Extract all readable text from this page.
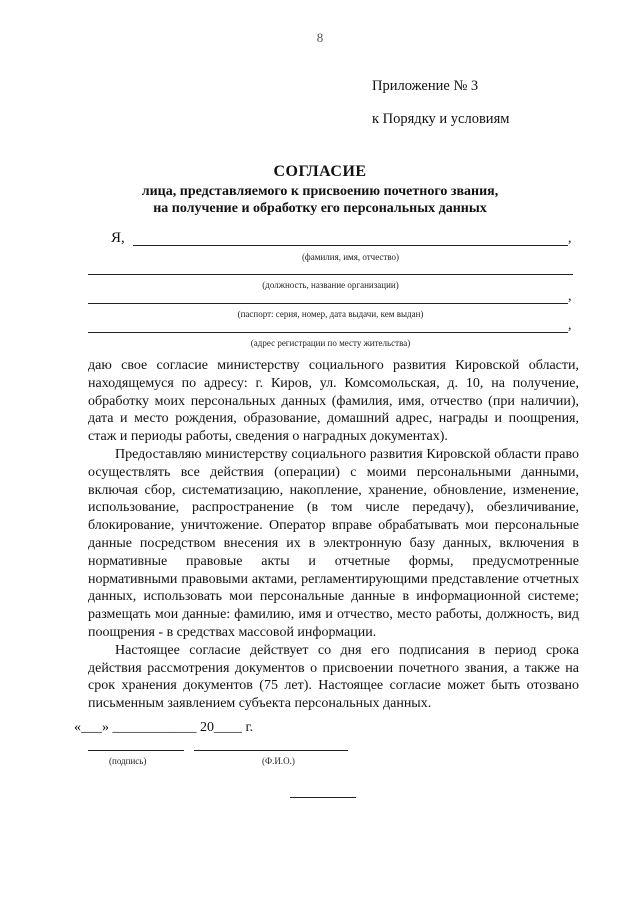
8
Приложение № 3
к Порядку и условиям
СОГЛАСИЕ
лица, представляемого к присвоению почетного звания,
на получение и обработку его персональных данных
Я,	,
(фамилия, имя, отчество)
(должность, название организации)
,
(паспорт: серия, номер, дата выдачи, кем выдан)
,
(адрес регистрации по месту жительства)

даю свое согласие министерству социального развития Кировской области, находящемуся по адресу: г. Киров, ул. Комсомольская, д. 10, на получение, обработку моих персональных данных (фамилия, имя, отчество (при наличии), дата и место рождения, образование, домашний адрес, награды и поощрения, стаж и периоды работы, сведения о наградных документах).

Предоставляю министерству социального развития Кировской области право осуществлять все действия (операции) с моими персональными данными, включая сбор, систематизацию, накопление, хранение, обновление, изменение, использование, распространение (в том числе передачу), обезличивание, блокирование, уничтожение. Оператор вправе обрабатывать мои персональные данные посредством внесения их в электронную базу данных, включения в нормативные правовые акты и отчетные формы, предусмотренные нормативными правовыми актами, регламентирующими представление отчетных данных, использовать мои персональные данные в информационной системе; размещать мои данные: фамилию, имя и отчество, место работы, должность, вид поощрения - в средствах массовой информации.

Настоящее согласие действует со дня его подписания в период срока действия рассмотрения документов о присвоении почетного звания, а также на срок хранения документов (75 лет). Настоящее согласие может быть отозвано письменным заявлением субъекта персональных данных.

«___» ____________ 20____ г.
(подпись)	(Ф.И.О.)
